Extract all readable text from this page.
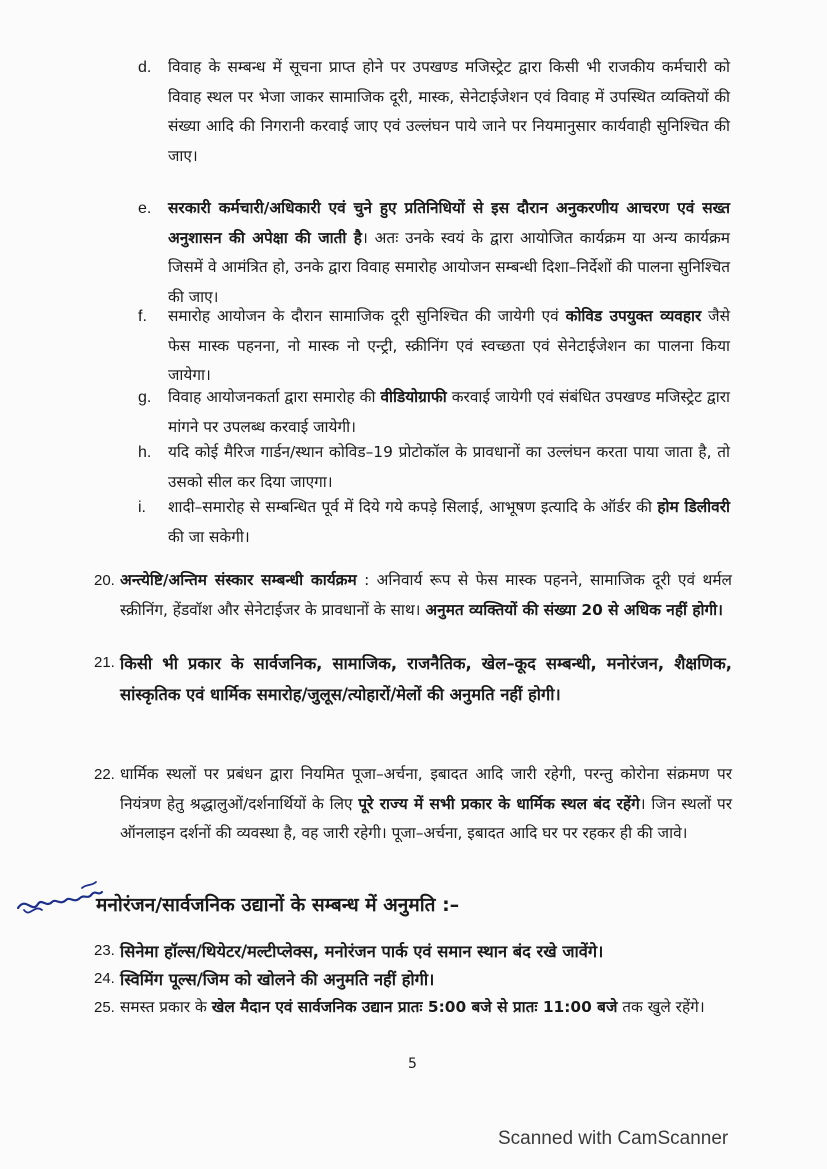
d. विवाह के सम्बन्ध में सूचना प्राप्त होने पर उपखण्ड मजिस्ट्रेट द्वारा किसी भी राजकीय कर्मचारी को विवाह स्थल पर भेजा जाकर सामाजिक दूरी, मास्क, सेनेटाईजेशन एवं विवाह में उपस्थित व्यक्तियों की संख्या आदि की निगरानी करवाई जाए एवं उल्लंघन पाये जाने पर नियमानुसार कार्यवाही सुनिश्चित की जाए।
e. सरकारी कर्मचारी/अधिकारी एवं चुने हुए प्रतिनिधियों से इस दौरान अनुकरणीय आचरण एवं सख्त अनुशासन की अपेक्षा की जाती है। अतः उनके स्वयं के द्वारा आयोजित कार्यक्रम या अन्य कार्यक्रम जिसमें वे आमंत्रित हो, उनके द्वारा विवाह समारोह आयोजन सम्बन्धी दिशा–निर्देशों की पालना सुनिश्चित की जाए।
f. समारोह आयोजन के दौरान सामाजिक दूरी सुनिश्चित की जायेगी एवं कोविड उपयुक्त व्यवहार जैसे फेस मास्क पहनना, नो मास्क नो एन्ट्री, स्क्रीनिंग एवं स्वच्छता एवं सेनेटाईजेशन का पालना किया जायेगा।
g. विवाह आयोजनकर्ता द्वारा समारोह की वीडियोग्राफी करवाई जायेगी एवं संबंधित उपखण्ड मजिस्ट्रेट द्वारा मांगने पर उपलब्ध करवाई जायेगी।
h. यदि कोई मैरिज गार्डन/स्थान कोविड–19 प्रोटोकॉल के प्रावधानों का उल्लंघन करता पाया जाता है, तो उसको सील कर दिया जाएगा।
i. शादी–समारोह से सम्बन्धित पूर्व में दिये गये कपड़े सिलाई, आभूषण इत्यादि के ऑर्डर की होम डिलीवरी की जा सकेगी।
20. अन्त्येष्टि/अन्तिम संस्कार सम्बन्धी कार्यक्रम : अनिवार्य रूप से फेस मास्क पहनने, सामाजिक दूरी एवं थर्मल स्क्रीनिंग, हेंडवॉश और सेनेटाईजर के प्रावधानों के साथ। अनुमत व्यक्तियों की संख्या 20 से अधिक नहीं होगी।
21. किसी भी प्रकार के सार्वजनिक, सामाजिक, राजनैतिक, खेल–कूद सम्बन्धी, मनोरंजन, शैक्षणिक, सांस्कृतिक एवं धार्मिक समारोह/जुलूस/त्योहारों/मेलों की अनुमति नहीं होगी।
22. धार्मिक स्थलों पर प्रबंधन द्वारा नियमित पूजा–अर्चना, इबादत आदि जारी रहेगी, परन्तु कोरोना संक्रमण पर नियंत्रण हेतु श्रद्धालुओं/दर्शनार्थियों के लिए पूरे राज्य में सभी प्रकार के धार्मिक स्थल बंद रहेंगे। जिन स्थलों पर ऑनलाइन दर्शनों की व्यवस्था है, वह जारी रहेगी। पूजा–अर्चना, इबादत आदि घर पर रहकर ही की जावे।
मनोरंजन/सार्वजनिक उद्यानों के सम्बन्ध में अनुमति :–
23. सिनेमा हॉल्स/थियेटर/मल्टीप्लेक्स, मनोरंजन पार्क एवं समान स्थान बंद रखे जावेंगे।
24. स्विमिंग पूल्स/जिम को खोलने की अनुमति नहीं होगी।
25. समस्त प्रकार के खेल मैदान एवं सार्वजनिक उद्यान प्रातः 5:00 बजे से प्रातः 11:00 बजे तक खुले रहेंगे।
5
Scanned with CamScanner
